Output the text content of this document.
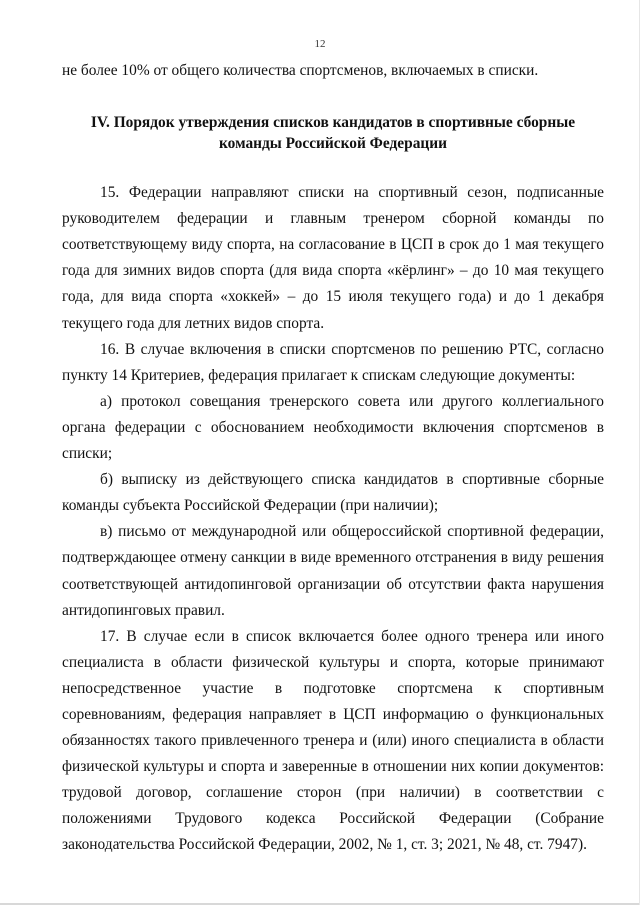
12

не более 10% от общего количества спортсменов, включаемых в списки.

IV. Порядок утверждения списков кандидатов в спортивные сборные команды Российской Федерации

15. Федерации направляют списки на спортивный сезон, подписанные руководителем федерации и главным тренером сборной команды по соответствующему виду спорта, на согласование в ЦСП в срок до 1 мая текущего года для зимних видов спорта (для вида спорта «кёрлинг» – до 10 мая текущего года, для вида спорта «хоккей» – до 15 июля текущего года) и до 1 декабря текущего года для летних видов спорта.

16. В случае включения в списки спортсменов по решению РТС, согласно пункту 14 Критериев, федерация прилагает к спискам следующие документы:

а) протокол совещания тренерского совета или другого коллегиального органа федерации с обоснованием необходимости включения спортсменов в списки;

б) выписку из действующего списка кандидатов в спортивные сборные команды субъекта Российской Федерации (при наличии);

в) письмо от международной или общероссийской спортивной федерации, подтверждающее отмену санкции в виде временного отстранения в виду решения соответствующей антидопинговой организации об отсутствии факта нарушения антидопинговых правил.

17. В случае если в список включается более одного тренера или иного специалиста в области физической культуры и спорта, которые принимают непосредственное участие в подготовке спортсмена к спортивным соревнованиям, федерация направляет в ЦСП информацию о функциональных обязанностях такого привлеченного тренера и (или) иного специалиста в области физической культуры и спорта и заверенные в отношении них копии документов: трудовой договор, соглашение сторон (при наличии) в соответствии с положениями Трудового кодекса Российской Федерации (Собрание законодательства Российской Федерации, 2002, № 1, ст. 3; 2021, № 48, ст. 7947).
